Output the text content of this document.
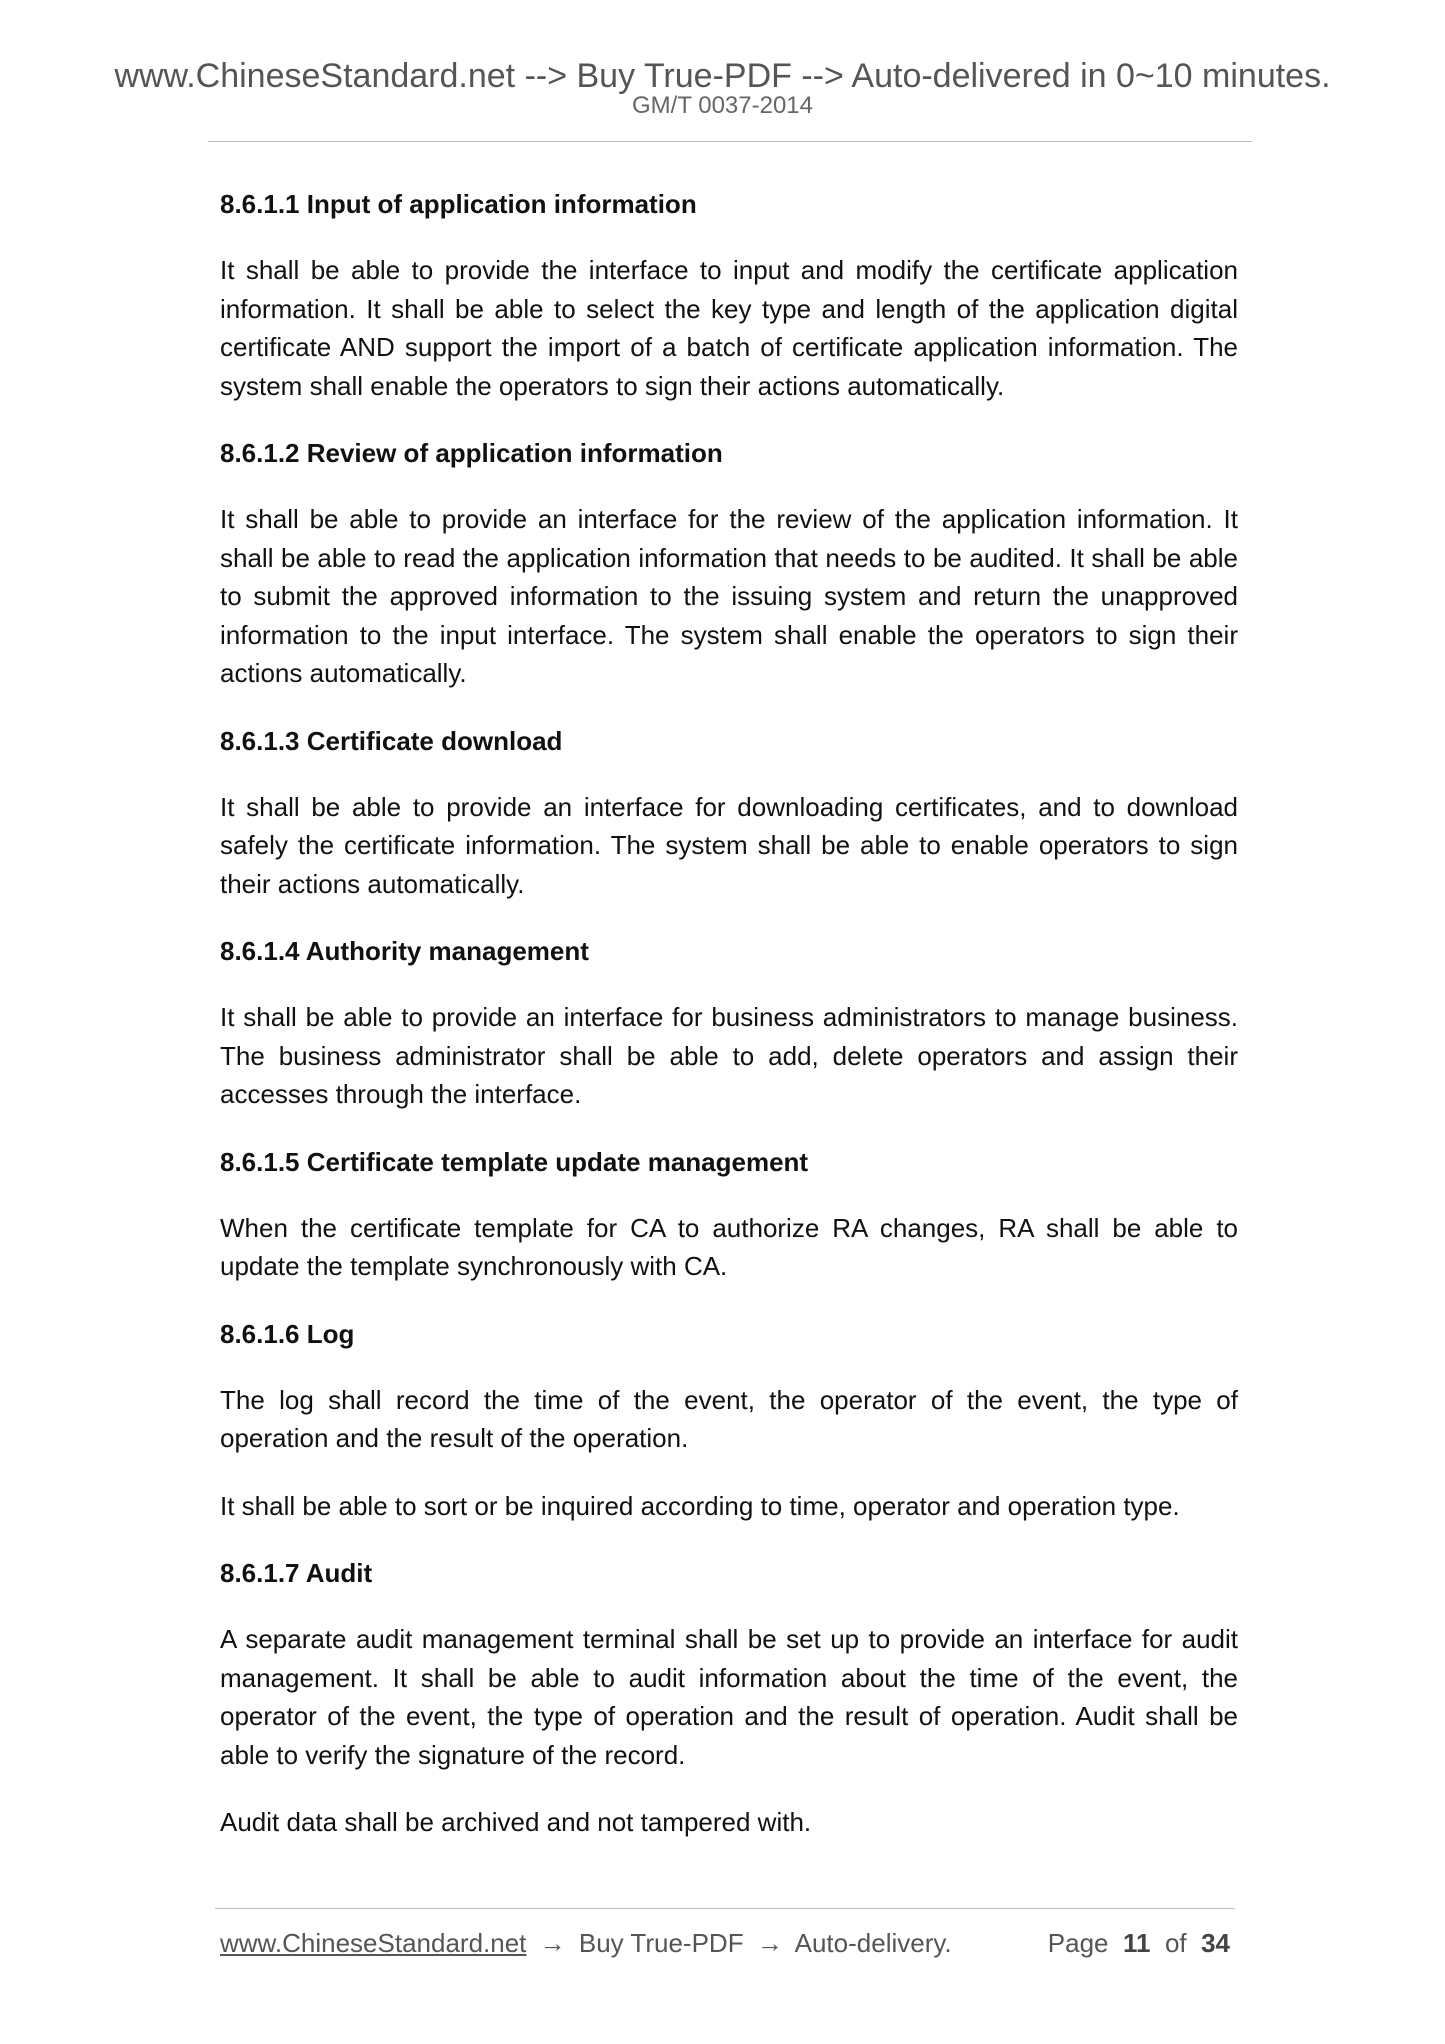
www.ChineseStandard.net --> Buy True-PDF --> Auto-delivered in 0~10 minutes.
GM/T 0037-2014
8.6.1.1 Input of application information

It shall be able to provide the interface to input and modify the certificate application information. It shall be able to select the key type and length of the application digital certificate AND support the import of a batch of certificate application information. The system shall enable the operators to sign their actions automatically.

8.6.1.2 Review of application information

It shall be able to provide an interface for the review of the application information. It shall be able to read the application information that needs to be audited. It shall be able to submit the approved information to the issuing system and return the unapproved information to the input interface. The system shall enable the operators to sign their actions automatically.

8.6.1.3 Certificate download

It shall be able to provide an interface for downloading certificates, and to download safely the certificate information. The system shall be able to enable operators to sign their actions automatically.

8.6.1.4 Authority management

It shall be able to provide an interface for business administrators to manage business. The business administrator shall be able to add, delete operators and assign their accesses through the interface.

8.6.1.5 Certificate template update management

When the certificate template for CA to authorize RA changes, RA shall be able to update the template synchronously with CA.

8.6.1.6 Log

The log shall record the time of the event, the operator of the event, the type of operation and the result of the operation.

It shall be able to sort or be inquired according to time, operator and operation type.

8.6.1.7 Audit

A separate audit management terminal shall be set up to provide an interface for audit management. It shall be able to audit information about the time of the event, the operator of the event, the type of operation and the result of operation. Audit shall be able to verify the signature of the record.

Audit data shall be archived and not tampered with.

www.ChineseStandard.net → Buy True-PDF → Auto-delivery.	Page 11 of 34
